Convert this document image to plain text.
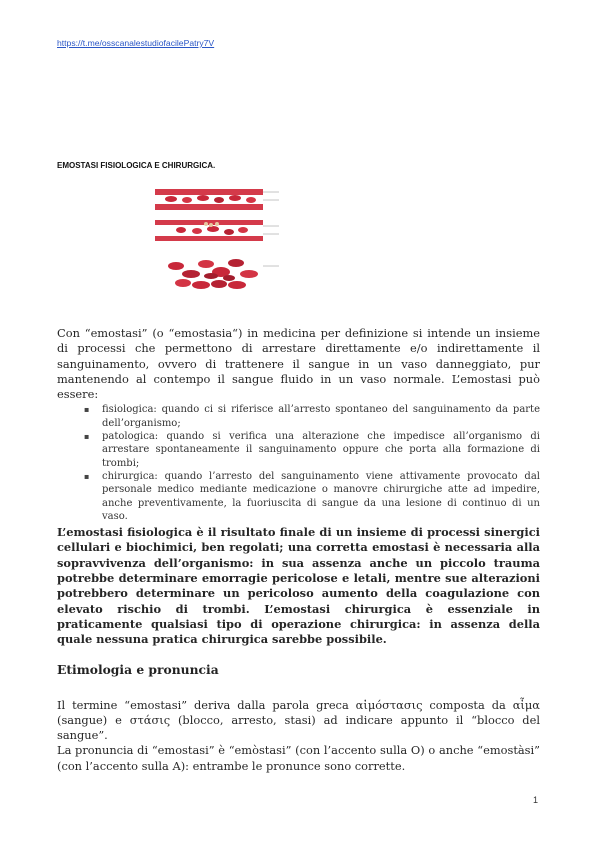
https://t.me/osscanalestudiofacilePatry7V
EMOSTASI FISIOLOGICA E CHIRURGICA.

Con “emostasi” (o “emostasia“) in medicina per definizione si intende un insieme di processi che permettono di arrestare direttamente e/o indirettamente il sanguinamento, ovvero di trattenere il sangue in un vaso danneggiato, pur mantenendo al contempo il sangue fluido in un vaso normale. L’emostasi può essere:

▪ fisiologica: quando ci si riferisce all’arresto spontaneo del sanguinamento da parte dell’organismo;
▪ patologica: quando si verifica una alterazione che impedisce all’organismo di arrestare spontaneamente il sanguinamento oppure che porta alla formazione di trombi;
▪ chirurgica: quando l’arresto del sanguinamento viene attivamente provocato dal personale medico mediante medicazione o manovre chirurgiche atte ad impedire, anche preventivamente, la fuoriuscita di sangue da una lesione di continuo di un vaso.

L’emostasi fisiologica è il risultato finale di un insieme di processi sinergici cellulari e biochimici, ben regolati; una corretta emostasi è necessaria alla sopravvivenza dell’organismo: in sua assenza anche un piccolo trauma potrebbe determinare emorragie pericolose e letali, mentre sue alterazioni potrebbero determinare un pericoloso aumento della coagulazione con elevato rischio di trombi. L’emostasi chirurgica è essenziale in praticamente qualsiasi tipo di operazione chirurgica: in assenza della quale nessuna pratica chirurgica sarebbe possibile.

Etimologia e pronuncia

Il termine “emostasi” deriva dalla parola greca αἱμόστασις composta da αἷμα (sangue) e στάσις (blocco, arresto, stasi) ad indicare appunto il “blocco del sangue”.

La pronuncia di “emostasi” è “emòstasi” (con l’accento sulla O) o anche “emostàsi” (con l’accento sulla A): entrambe le pronunce sono corrette.

1
